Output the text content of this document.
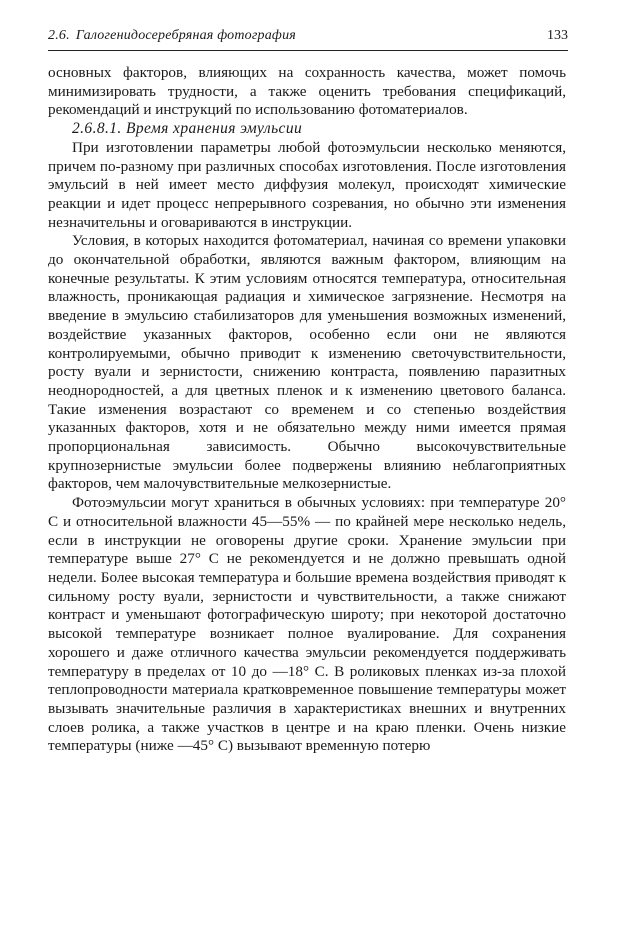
2.6. Галогенидосеребряная фотография	133

основных факторов, влияющих на сохранность качества, может помочь минимизировать трудности, а также оценить требования спецификаций, рекомендаций и инструкций по использованию фотоматериалов.

2.6.8.1. Время хранения эмульсии

При изготовлении параметры любой фотоэмульсии несколько меняются, причем по-разному при различных способах изготовления. После изготовления эмульсий в ней имеет место диффузия молекул, происходят химические реакции и идет процесс непрерывного созревания, но обычно эти изменения незначительны и оговариваются в инструкции.

Условия, в которых находится фотоматериал, начиная со времени упаковки до окончательной обработки, являются важным фактором, влияющим на конечные результаты. К этим условиям относятся температура, относительная влажность, проникающая радиация и химическое загрязнение. Несмотря на введение в эмульсию стабилизаторов для уменьшения возможных изменений, воздействие указанных факторов, особенно если они не являются контролируемыми, обычно приводит к изменению светочувствительности, росту вуали и зернистости, снижению контраста, появлению паразитных неоднородностей, а для цветных пленок и к изменению цветового баланса. Такие изменения возрастают со временем и со степенью воздействия указанных факторов, хотя и не обязательно между ними имеется прямая пропорциональная зависимость. Обычно высокочувствительные крупнозернистые эмульсии более подвержены влиянию неблагоприятных факторов, чем малочувствительные мелкозернистые.

Фотоэмульсии могут храниться в обычных условиях: при температуре 20° С и относительной влажности 45—55% — по крайней мере несколько недель, если в инструкции не оговорены другие сроки. Хранение эмульсии при температуре выше 27° С не рекомендуется и не должно превышать одной недели. Более высокая температура и большие времена воздействия приводят к сильному росту вуали, зернистости и чувствительности, а также снижают контраст и уменьшают фотографическую широту; при некоторой достаточно высокой температуре возникает полное вуалирование. Для сохранения хорошего и даже отличного качества эмульсии рекомендуется поддерживать температуру в пределах от 10 до —18° С. В роликовых пленках из-за плохой теплопроводности материала кратковременное повышение температуры может вызывать значительные различия в характеристиках внешних и внутренних слоев ролика, а также участков в центре и на краю пленки. Очень низкие температуры (ниже —45° С) вызывают временную потерю
